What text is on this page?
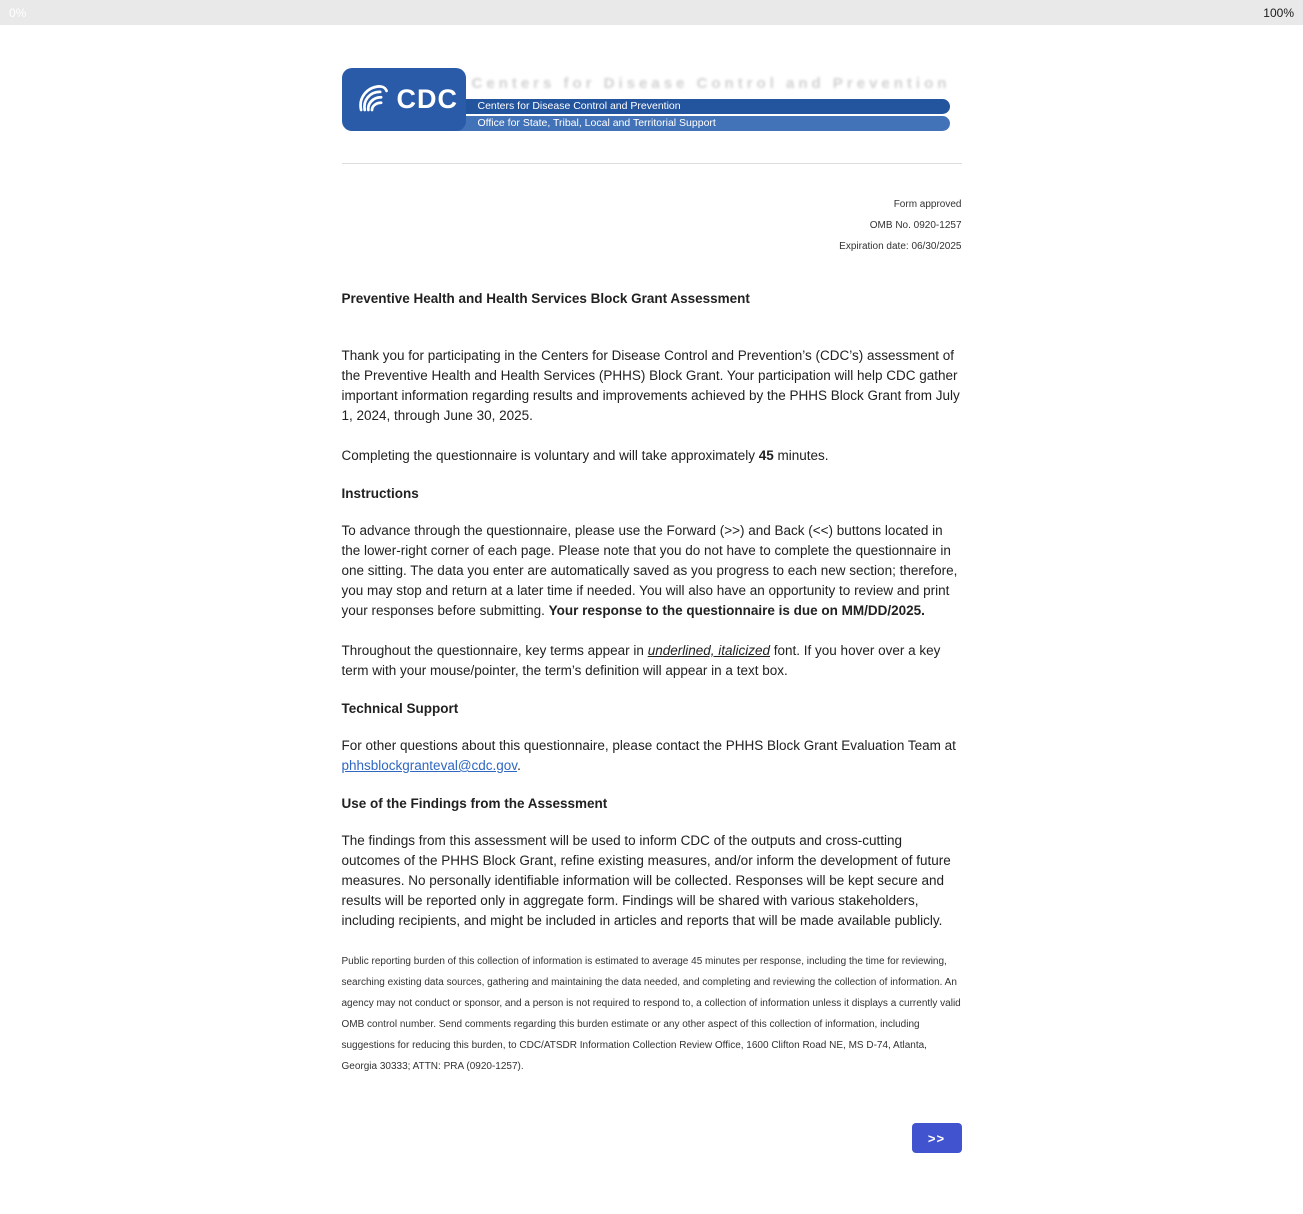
0%	100%
CDC
Centers for Disease Control and Prevention
Centers for Disease Control and Prevention
Office for State, Tribal, Local and Territorial Support
Form approved
OMB No. 0920-1257
Expiration date: 06/30/2025
Preventive Health and Health Services Block Grant Assessment

Thank you for participating in the Centers for Disease Control and Prevention’s (CDC’s) assessment of the Preventive Health and Health Services (PHHS) Block Grant. Your participation will help CDC gather important information regarding results and improvements achieved by the PHHS Block Grant from July 1, 2024, through June 30, 2025.

Completing the questionnaire is voluntary and will take approximately 45 minutes.

Instructions

To advance through the questionnaire, please use the Forward (>>) and Back (<<) buttons located in the lower-right corner of each page. Please note that you do not have to complete the questionnaire in one sitting. The data you enter are automatically saved as you progress to each new section; therefore, you may stop and return at a later time if needed. You will also have an opportunity to review and print your responses before submitting. Your response to the questionnaire is due on MM/DD/2025.

Throughout the questionnaire, key terms appear in underlined, italicized font. If you hover over a key term with your mouse/pointer, the term’s definition will appear in a text box.

Technical Support

For other questions about this questionnaire, please contact the PHHS Block Grant Evaluation Team at phhsblockgranteval@cdc.gov.

Use of the Findings from the Assessment

The findings from this assessment will be used to inform CDC of the outputs and cross-cutting outcomes of the PHHS Block Grant, refine existing measures, and/or inform the development of future measures. No personally identifiable information will be collected. Responses will be kept secure and results will be reported only in aggregate form. Findings will be shared with various stakeholders, including recipients, and might be included in articles and reports that will be made available publicly.

Public reporting burden of this collection of information is estimated to average 45 minutes per response, including the time for reviewing, searching existing data sources, gathering and maintaining the data needed, and completing and reviewing the collection of information. An agency may not conduct or sponsor, and a person is not required to respond to, a collection of information unless it displays a currently valid OMB control number. Send comments regarding this burden estimate or any other aspect of this collection of information, including suggestions for reducing this burden, to CDC/ATSDR Information Collection Review Office, 1600 Clifton Road NE, MS D-74, Atlanta, Georgia 30333; ATTN: PRA (0920-1257).

>>
